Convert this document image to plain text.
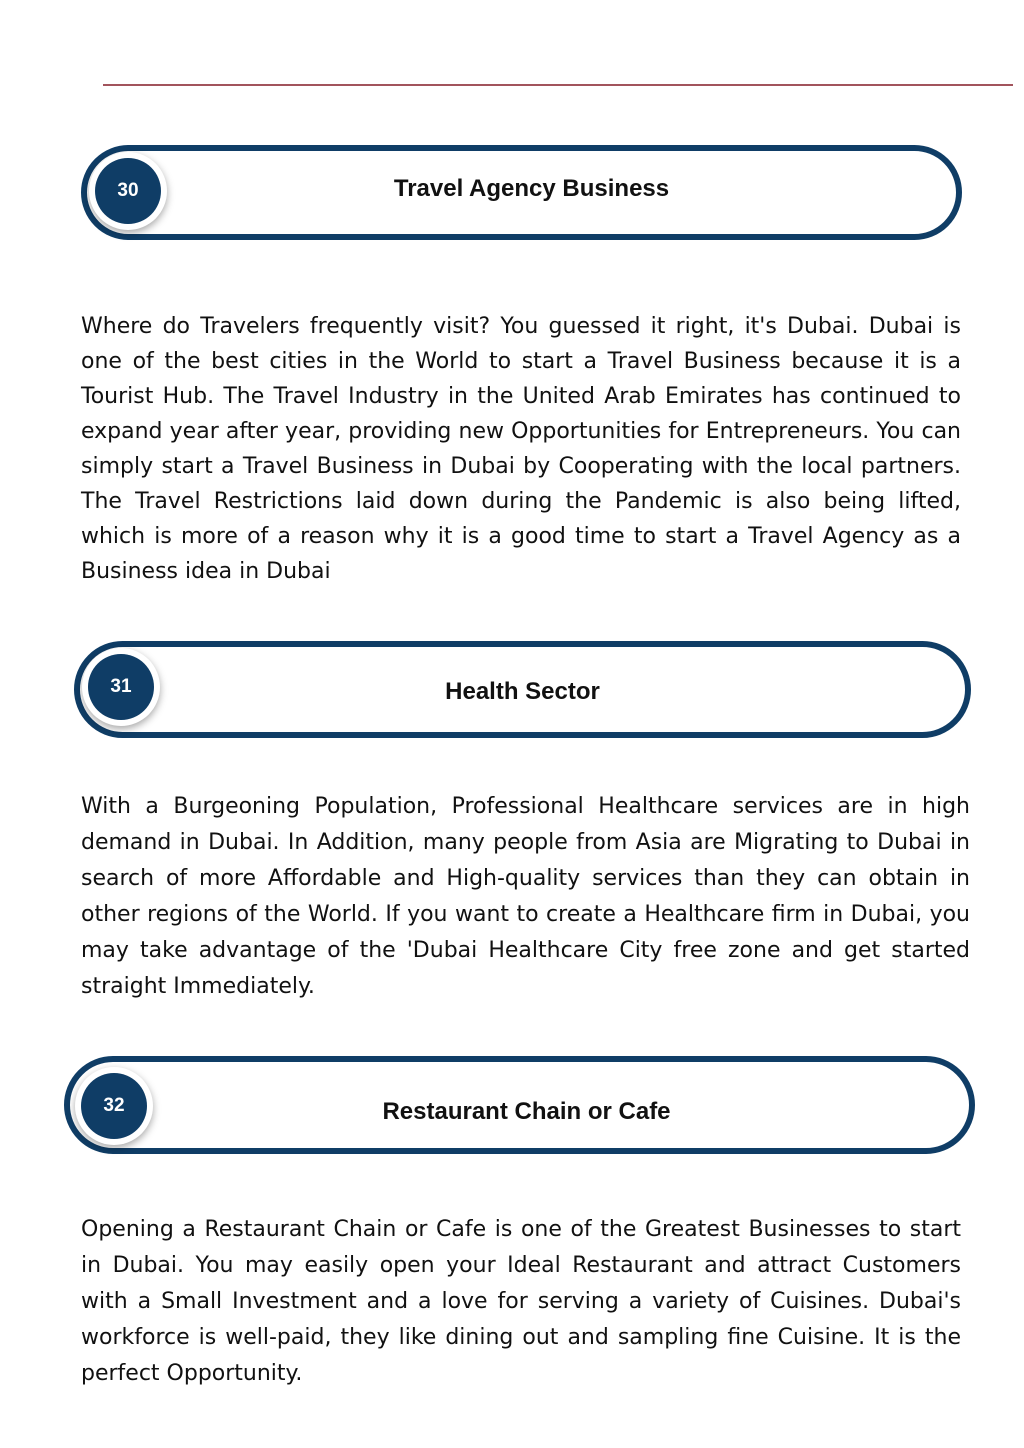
Travel Agency Business
30

Where do Travelers frequently visit? You guessed it right, it's Dubai. Dubai is one of the best cities in the World to start a Travel Business because it is a Tourist Hub. The Travel Industry in the United Arab Emirates has continued to expand year after year, providing new Opportunities for Entrepreneurs. You can simply start a Travel Business in Dubai by Cooperating with the local partners. The Travel Restrictions laid down during the Pandemic is also being lifted, which is more of a reason why it is a good time to start a Travel Agency as a Business idea in Dubai

Health Sector
31

With a Burgeoning Population, Professional Healthcare services are in high demand in Dubai. In Addition, many people from Asia are Migrating to Dubai in search of more Affordable and High-quality services than they can obtain in other regions of the World. If you want to create a Healthcare firm in Dubai, you may take advantage of the 'Dubai Healthcare City free zone and get started straight Immediately.

Restaurant Chain or Cafe
32

Opening a Restaurant Chain or Cafe is one of the Greatest Businesses to start in Dubai. You may easily open your Ideal Restaurant and attract Customers with a Small Investment and a love for serving a variety of Cuisines. Dubai's workforce is well-paid, they like dining out and sampling fine Cuisine. It is the perfect Opportunity.
